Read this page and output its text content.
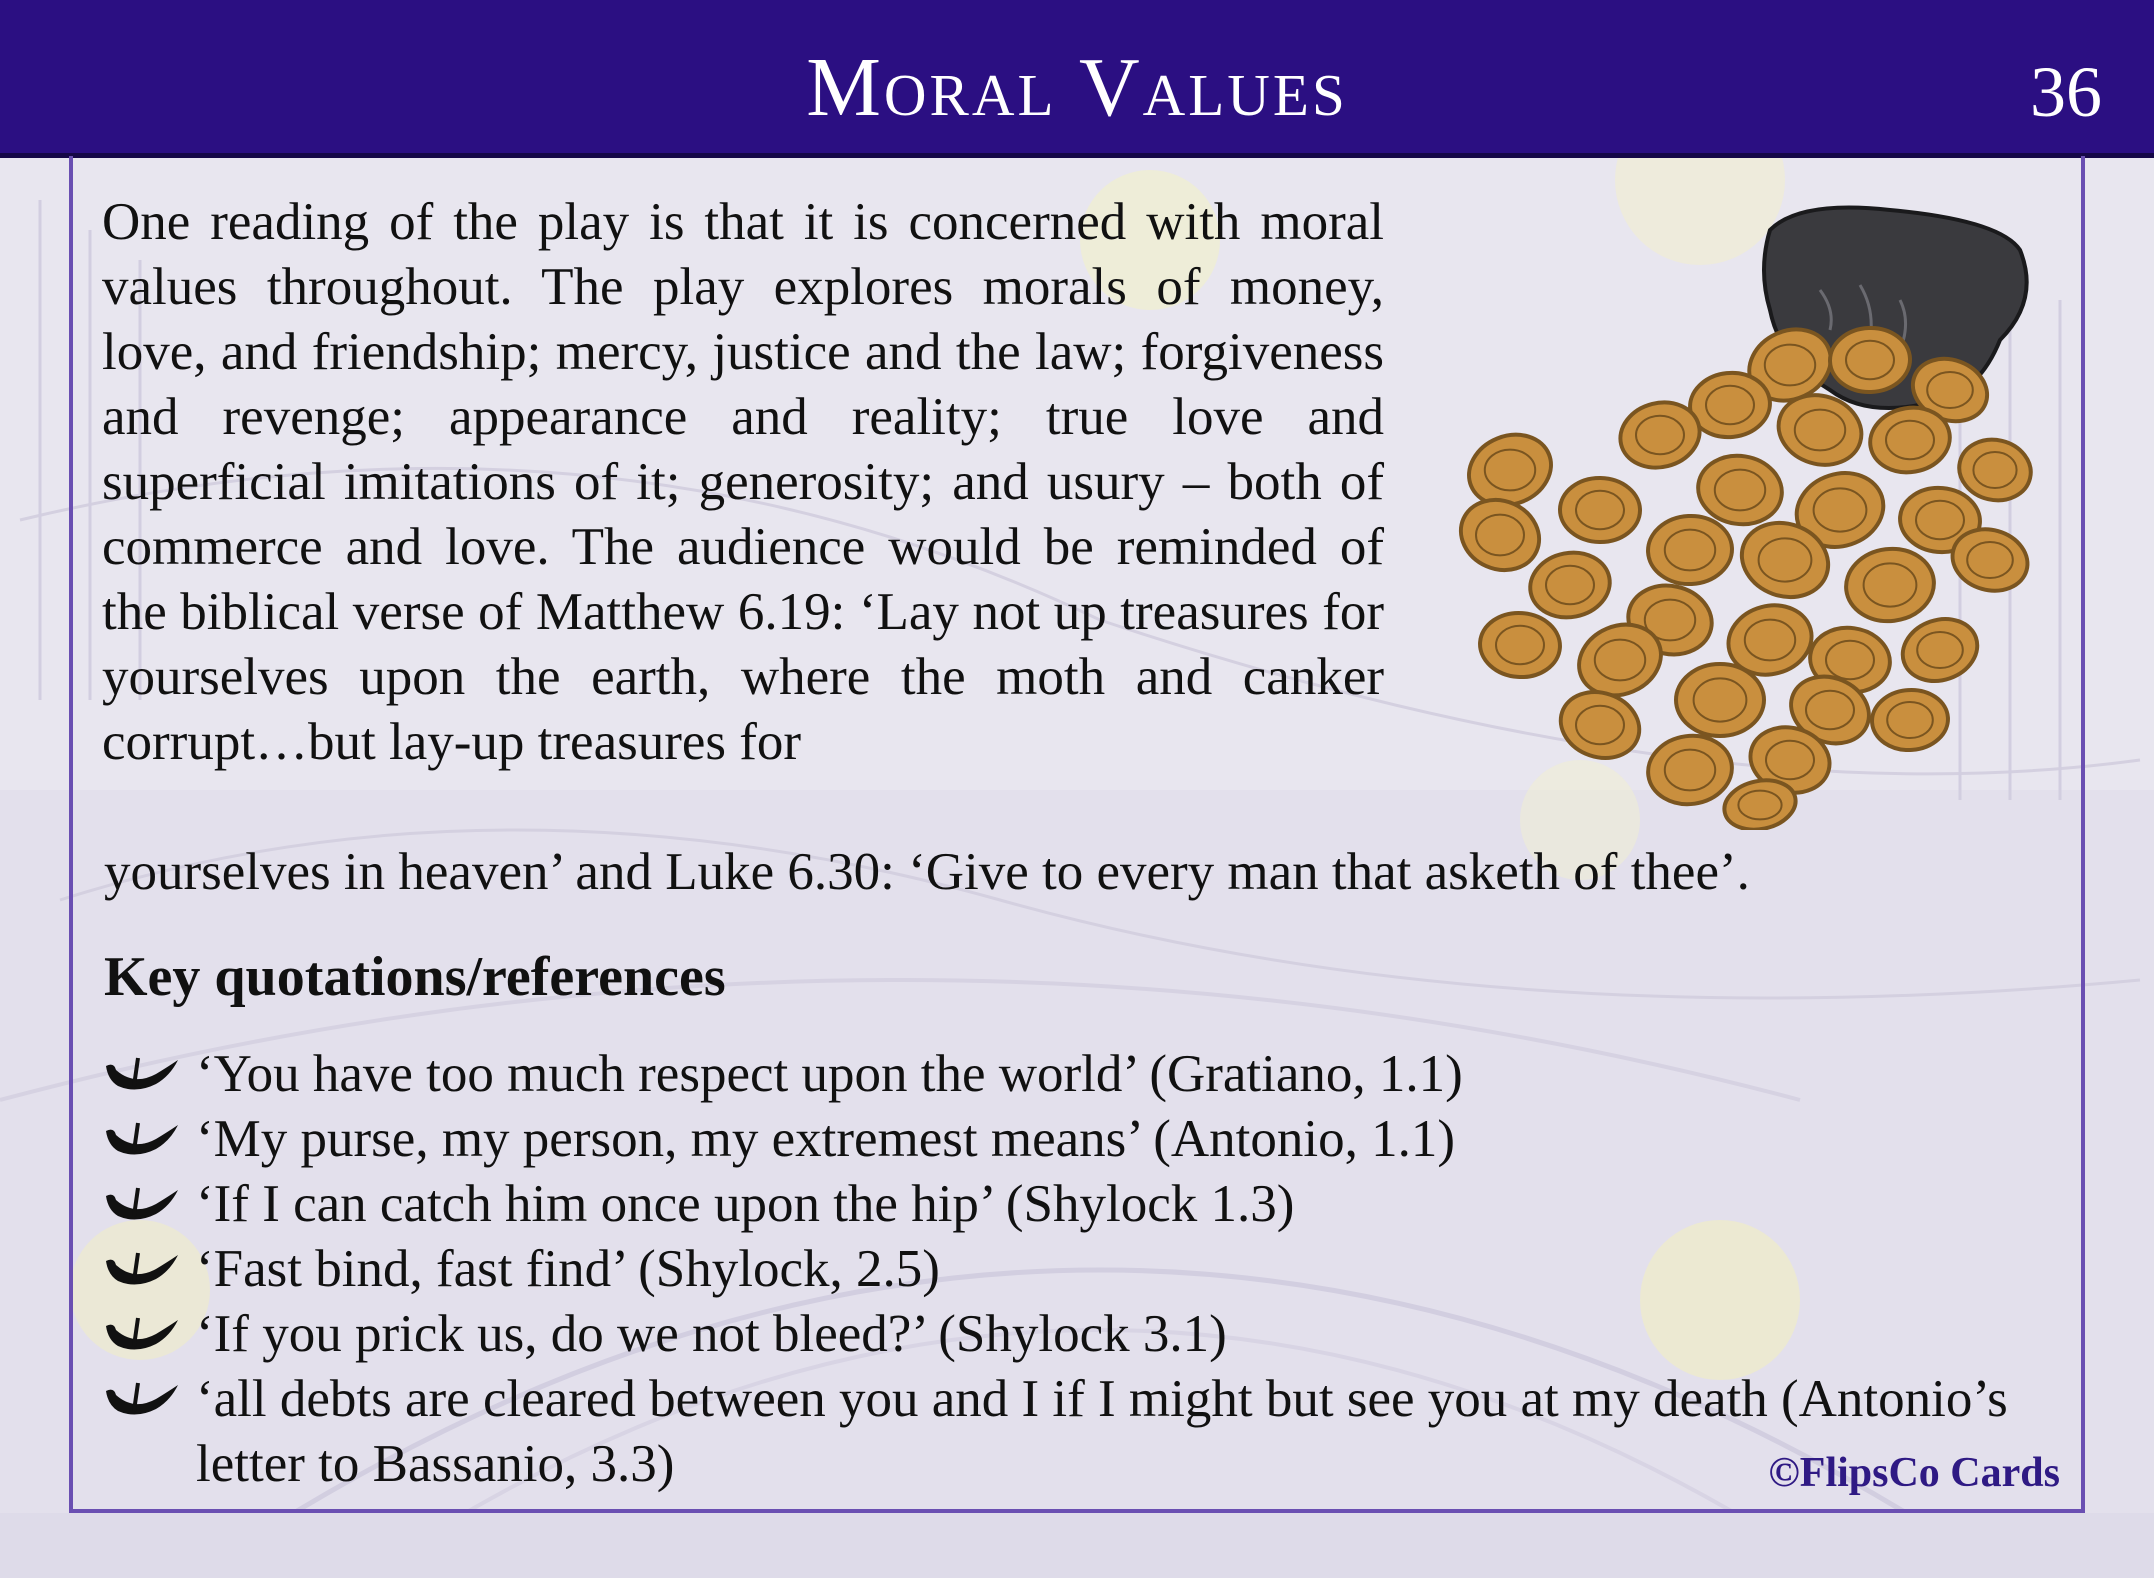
Moral Values	36

One reading of the play is that it is concerned with moral values throughout. The play explores morals of money, love, and friendship; mercy, justice and the law; forgiveness and revenge; appearance and reality; true love and superficial imitations of it; generosity; and usury – both of commerce and love. The audience would be reminded of the biblical verse of Matthew 6.19: ‘Lay not up treasures for yourselves upon the earth, where the moth and canker corrupt…but lay-up treasures for

yourselves in heaven’ and Luke 6.30: ‘Give to every man that asketh of thee’.

Key quotations/references
‘You have too much respect upon the world’ (Gratiano, 1.1)
‘My purse, my person, my extremest means’ (Antonio, 1.1)
‘If I can catch him once upon the hip’ (Shylock 1.3)
‘Fast bind, fast find’ (Shylock, 2.5)
‘If you prick us, do we not bleed?’ (Shylock 3.1)
‘all debts are cleared between you and I if I might but see you at my death (Antonio’s letter to Bassanio, 3.3)	©FlipsCo Cards
